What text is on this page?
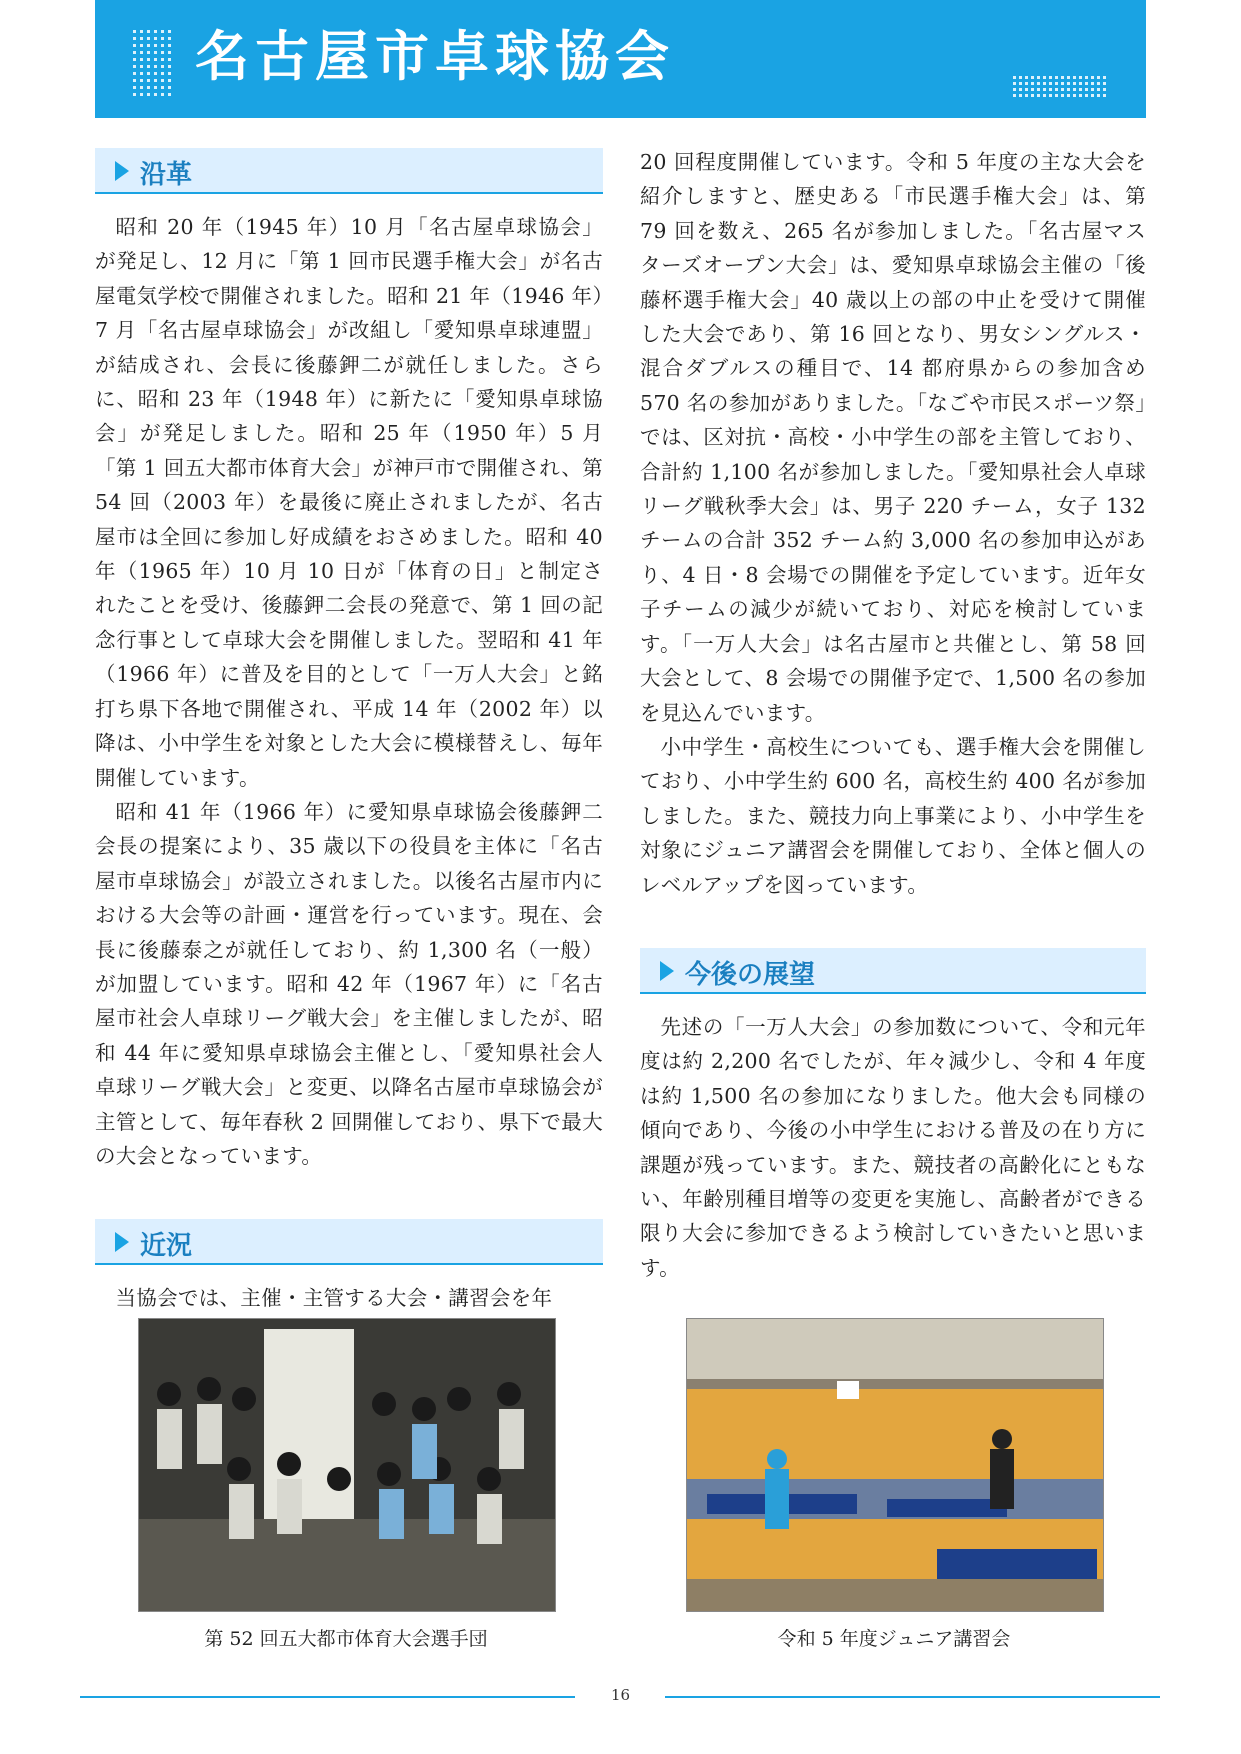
名古屋市卓球協会
沿革

昭和 20 年（1945 年）10 月「名古屋卓球協会」が発足し、12 月に「第 1 回市民選手権大会」が名古屋電気学校で開催されました。昭和 21 年（1946 年）7 月「名古屋卓球協会」が改組し「愛知県卓球連盟」が結成され、会長に後藤鉀二が就任しました。さらに、昭和 23 年（1948 年）に新たに「愛知県卓球協会」が発足しました。昭和 25 年（1950 年）5 月「第 1 回五大都市体育大会」が神戸市で開催され、第 54 回（2003 年）を最後に廃止されましたが、名古屋市は全回に参加し好成績をおさめました。昭和 40 年（1965 年）10 月 10 日が「体育の日」と制定されたことを受け、後藤鉀二会長の発意で、第 1 回の記念行事として卓球大会を開催しました。翌昭和 41 年（1966 年）に普及を目的として「一万人大会」と銘打ち県下各地で開催され、平成 14 年（2002 年）以降は、小中学生を対象とした大会に模様替えし、毎年開催しています。

昭和 41 年（1966 年）に愛知県卓球協会後藤鉀二会長の提案により、35 歳以下の役員を主体に「名古屋市卓球協会」が設立されました。以後名古屋市内における大会等の計画・運営を行っています。現在、会長に後藤泰之が就任しており、約 1,300 名（一般）が加盟しています。昭和 42 年（1967 年）に「名古屋市社会人卓球リーグ戦大会」を主催しましたが、昭和 44 年に愛知県卓球協会主催とし、「愛知県社会人卓球リーグ戦大会」と変更、以降名古屋市卓球協会が主管として、毎年春秋 2 回開催しており、県下で最大の大会となっています。

近況

当協会では、主催・主管する大会・講習会を年

20 回程度開催しています。令和 5 年度の主な大会を紹介しますと、歴史ある「市民選手権大会」は、第 79 回を数え、265 名が参加しました。「名古屋マスターズオープン大会」は、愛知県卓球協会主催の「後藤杯選手権大会」40 歳以上の部の中止を受けて開催した大会であり、第 16 回となり、男女シングルス・混合ダブルスの種目で、14 都府県からの参加含め 570 名の参加がありました。「なごや市民スポーツ祭」では、区対抗・高校・小中学生の部を主管しており、合計約 1,100 名が参加しました。「愛知県社会人卓球リーグ戦秋季大会」は、男子 220 チーム，女子 132 チームの合計 352 チーム約 3,000 名の参加申込があり、4 日・8 会場での開催を予定しています。近年女子チームの減少が続いており、対応を検討しています。「一万人大会」は名古屋市と共催とし、第 58 回大会として、8 会場での開催予定で、1,500 名の参加を見込んでいます。

小中学生・高校生についても、選手権大会を開催しており、小中学生約 600 名，高校生約 400 名が参加しました。また、競技力向上事業により、小中学生を対象にジュニア講習会を開催しており、全体と個人のレベルアップを図っています。

今後の展望

先述の「一万人大会」の参加数について、令和元年度は約 2,200 名でしたが、年々減少し、令和 4 年度は約 1,500 名の参加になりました。他大会も同様の傾向であり、今後の小中学生における普及の在り方に課題が残っています。また、競技者の高齢化にともない、年齢別種目増等の変更を実施し、高齢者ができる限り大会に参加できるよう検討していきたいと思います。

第 52 回五大都市体育大会選手団	令和 5 年度ジュニア講習会
16
